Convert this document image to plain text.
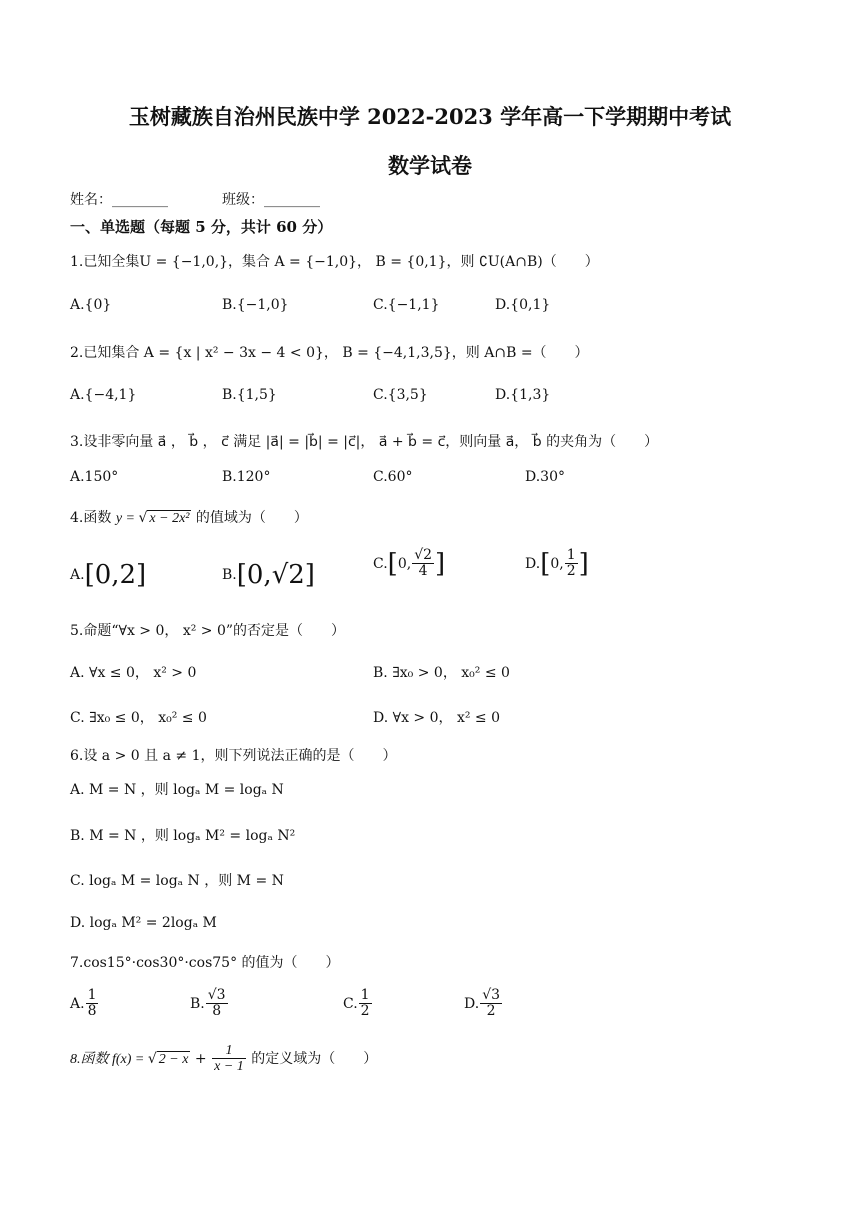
玉树藏族自治州民族中学 2022-2023 学年高一下学期期中考试
数学试卷
姓名：________	班级：________
一、单选题（每题 5 分，共计 60 分）
1.已知全集U = {−1,0,}，集合 A = {−1,0}， B = {0,1}，则 ∁U(A∩B)（　　）
A.{0}	B.{−1,0}	C.{−1,1}	D.{0,1}
2.已知集合 A = {x | x² − 3x − 4 < 0}， B = {−4,1,3,5}，则 A∩B =（　　）
A.{−4,1}	B.{1,5}	C.{3,5}	D.{1,3}
3.设非零向量 a⃗ ， b⃗ ， c⃗ 满足 |a⃗| = |b⃗| = |c⃗|， a⃗ + b⃗ = c⃗，则向量 a⃗， b⃗ 的夹角为（　　）
A.150°	B.120°	C.60°	D.30°
4.函数 y = √ x − 2x² 的值域为（　　）
A.[0,2]	B.[0,√2]	C.[0, $\frac{√2}{4}$ ]	D.[0, $\frac{1}{2}$ ]
5.命题“∀x > 0， x² > 0”的否定是（　　）
A. ∀x ≤ 0， x² > 0	B. ∃x₀ > 0， x₀² ≤ 0
C. ∃x₀ ≤ 0， x₀² ≤ 0	D. ∀x > 0， x² ≤ 0
6.设 a > 0 且 a ≠ 1，则下列说法正确的是（　　）
A. M = N ，则 logₐ M = logₐ N
B. M = N ，则 logₐ M² = logₐ N²
C. logₐ M = logₐ N ，则 M = N
D. logₐ M² = 2logₐ M
7.cos15°·cos30°·cos75° 的值为（　　）
A. $\frac{1}{8}$	B. $\frac{√3}{8}$	C. $\frac{1}{2}$	D. $\frac{√3}{2}$
8.函数 f(x) = √ $2 - x + \frac{1}{x - 1}$ 的定义域为（　　）
